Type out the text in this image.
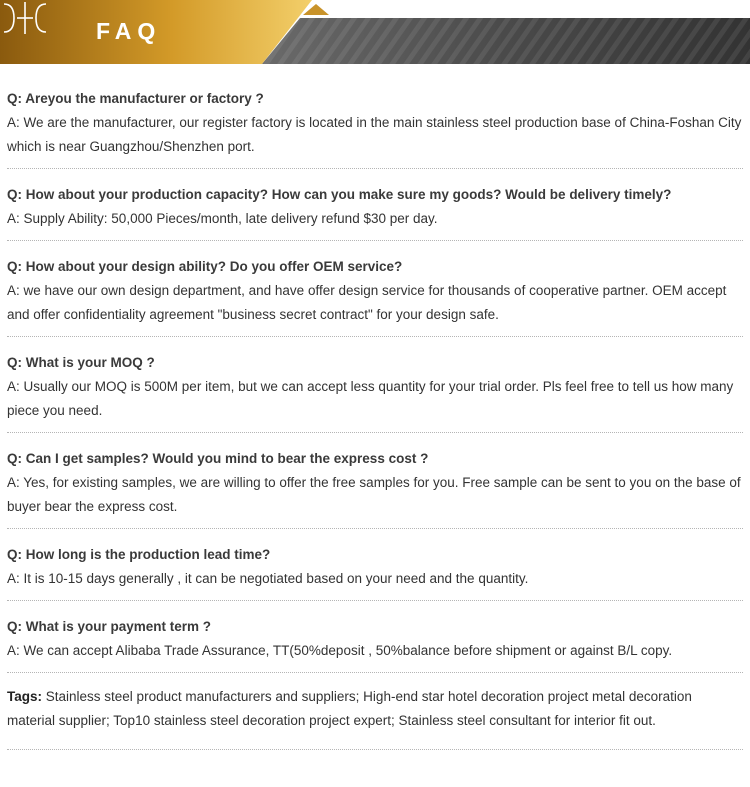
FAQ
Q: Areyou the manufacturer or factory ?
A: We are the manufacturer, our register factory is located in the main stainless steel production base of China-Foshan City which is near Guangzhou/Shenzhen port.
Q: How about your production capacity? How can you make sure my goods? Would be delivery timely?
A: Supply Ability: 50,000 Pieces/month, late delivery refund $30 per day.
Q: How about your design ability? Do you offer OEM service?
A: we have our own design department, and have offer design service for thousands of cooperative partner. OEM accept and offer confidentiality agreement "business secret contract" for your design safe.
Q: What is your MOQ ?
A: Usually our MOQ is 500M per item, but we can accept less quantity for your trial order. Pls feel free to tell us how many piece you need.
Q: Can I get samples? Would you mind to bear the express cost ?
A: Yes, for existing samples, we are willing to offer the free samples for you. Free sample can be sent to you on the base of buyer bear the express cost.
Q: How long is the production lead time?
A: It is 10-15 days generally , it can be negotiated based on your need and the quantity.
Q: What is your payment term ?
A: We can accept Alibaba Trade Assurance, TT(50%deposit , 50%balance before shipment or against B/L copy.
Tags: Stainless steel product manufacturers and suppliers; High-end star hotel decoration project metal decoration material supplier; Top10 stainless steel decoration project expert; Stainless steel consultant for interior fit out.
